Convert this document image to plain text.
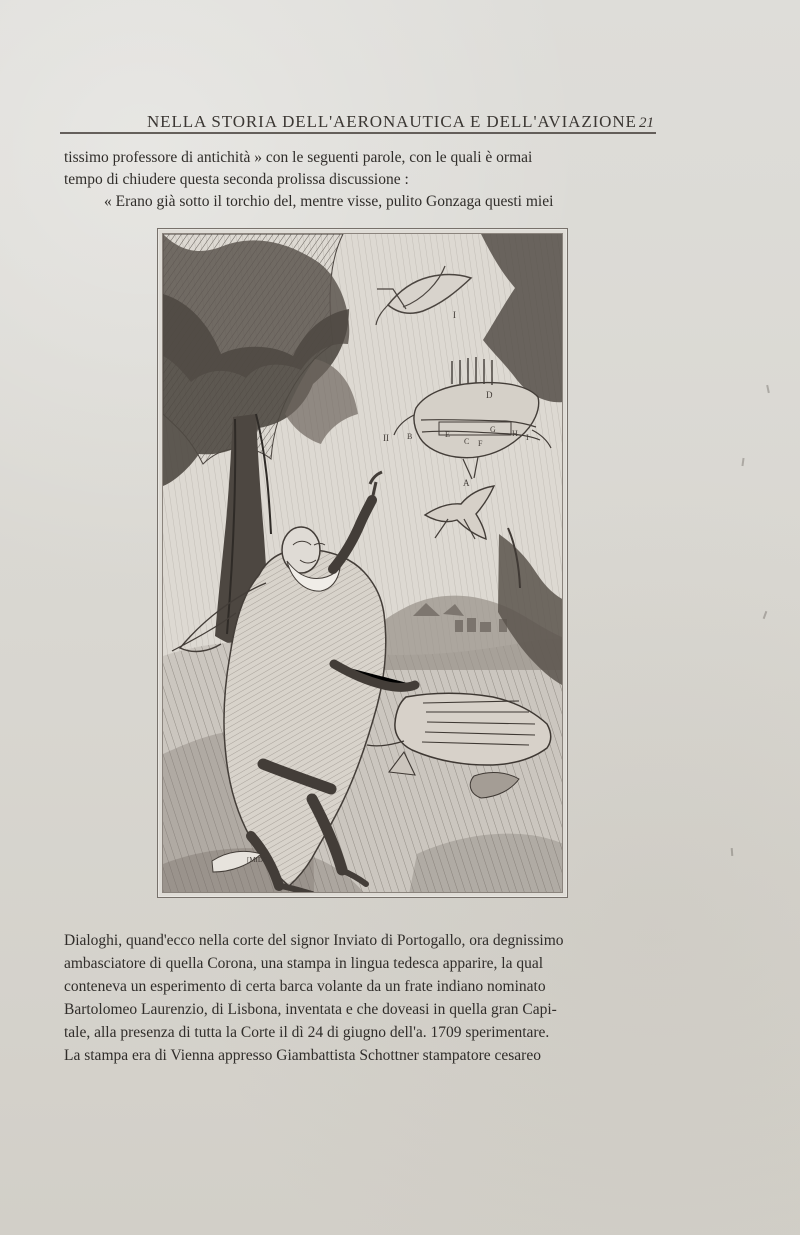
NELLA STORIA DELL'AERONAUTICA E DELL'AVIAZIONE 21
tissimo professore di antichità » con le seguenti parole, con le quali è ormai
tempo di chiudere questa seconda prolissa discussione :
« Erano già sotto il torchio del, mentre visse, pulito Gonzaga questi miei
[MIDE]
I
II
D
B	E
C F
G H I
A
Dialoghi, quand'ecco nella corte del signor Inviato di Portogallo, ora degnissimo
ambasciatore di quella Corona, una stampa in lingua tedesca apparire, la qual
conteneva un esperimento di certa barca volante da un frate indiano nominato
Bartolomeo Laurenzio, di Lisbona, inventata e che doveasi in quella gran Capi-
tale, alla presenza di tutta la Corte il dì 24 di giugno dell'a. 1709 sperimentare.
La stampa era di Vienna appresso Giambattista Schottner stampatore cesareo
